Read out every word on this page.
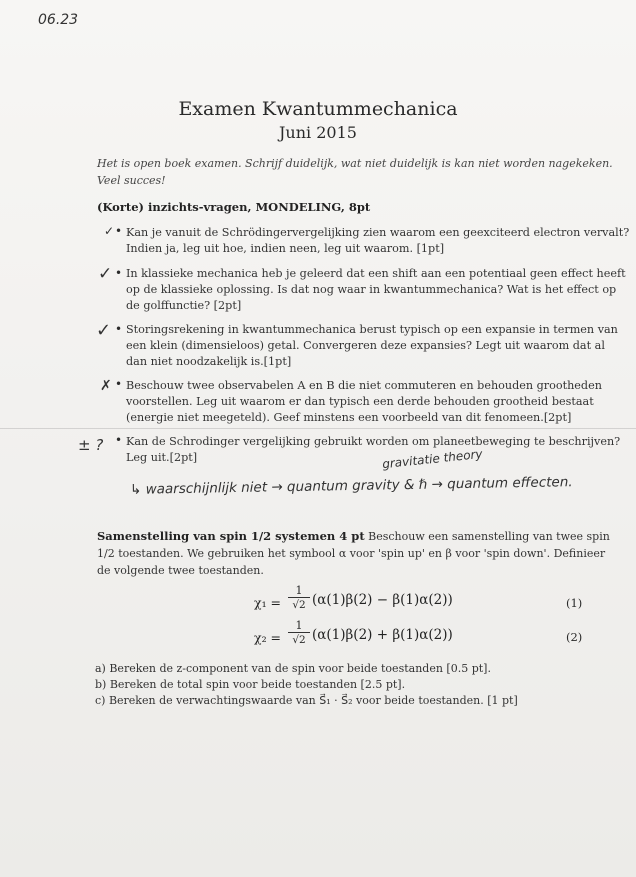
06.23
Examen Kwantummechanica
Juni 2015
Het is open boek examen. Schrijf duidelijk, wat niet duidelijk is kan niet worden nagekeken.
Veel succes!
(Korte) inzichts-vragen, MONDELING, 8pt
✓ • Kan je vanuit de Schrödingervergelijking zien waarom een geexciteerd electron vervalt?
Indien ja, leg uit hoe, indien neen, leg uit waarom. [1pt]
✓ • In klassieke mechanica heb je geleerd dat een shift aan een potentiaal geen effect heeft
op de klassieke oplossing. Is dat nog waar in kwantummechanica? Wat is het effect op
de golffunctie? [2pt]
✓ • Storingsrekening in kwantummechanica berust typisch op een expansie in termen van
een klein (dimensieloos) getal. Convergeren deze expansies? Legt uit waarom dat al
dan niet noodzakelijk is.[1pt]
✗ • Beschouw twee observabelen A en B die niet commuteren en behouden grootheden
voorstellen. Leg uit waarom er dan typisch een derde behouden grootheid bestaat
(energie niet meegeteld). Geef minstens een voorbeeld van dit fenomeen.[2pt]
± ? • Kan de Schrodinger vergelijking gebruikt worden om planeetbeweging te beschrijven?
Leg uit.[2pt]	gravitatie theory
↳ waarschijnlijk niet → quantum gravity & ℏ → quantum effecten.
Samenstelling van spin 1/2 systemen 4 pt Beschouw een samenstelling van twee spin
1/2 toestanden. We gebruiken het symbool α voor 'spin up' en β voor 'spin down'. Definieer
de volgende twee toestanden.
$\chi_1 = \frac{1}{√2} (\alpha(1)\beta(2) - \beta(1)\alpha(2))$	(1)
$\chi_2 = \frac{1}{√2} (\alpha(1)\beta(2) + \beta(1)\alpha(2))$	(2)
a) Bereken de z-component van de spin voor beide toestanden [0.5 pt].
b) Bereken de total spin voor beide toestanden [2.5 pt].
c) Bereken de verwachtingswaarde van S⃗₁ · S⃗₂ voor beide toestanden. [1 pt]
